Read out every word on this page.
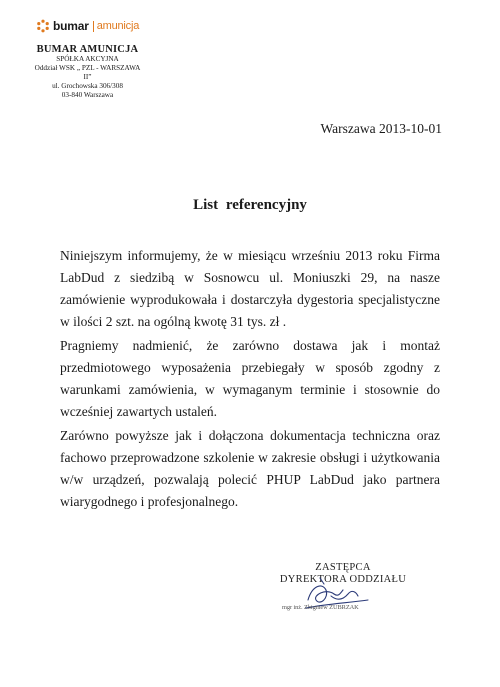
bumar amunicja
BUMAR AMUNICJA
SPÓŁKA AKCYJNA
Oddział WSK „ PZL - WARSZAWA II”
ul. Grochowska 306/308
03-840 Warszawa
Warszawa 2013-10-01
List referencyjny

Niniejszym informujemy, że w miesiącu wrześniu 2013 roku Firma LabDud z siedzibą w Sosnowcu ul. Moniuszki 29, na nasze zamówienie wyprodukowała i dostarczyła dygestoria specjalistyczne w ilości 2 szt. na ogólną kwotę 31 tys. zł .

Pragniemy nadmienić, że zarówno dostawa jak i montaż przedmiotowego wyposażenia przebiegały w sposób zgodny z warunkami zamówienia, w wymaganym terminie i stosownie do wcześniej zawartych ustaleń.

Zarówno powyższe jak i dołączona dokumentacja techniczna oraz fachowo przeprowadzone szkolenie w zakresie obsługi i użytkowania w/w urządzeń, pozwalają polecić PHUP LabDud jako partnera wiarygodnego i profesjonalnego.

ZASTĘPCA
DYREKTORA ODDZIAŁU
mgr inż. Zbigniew ŻUBRZAK
